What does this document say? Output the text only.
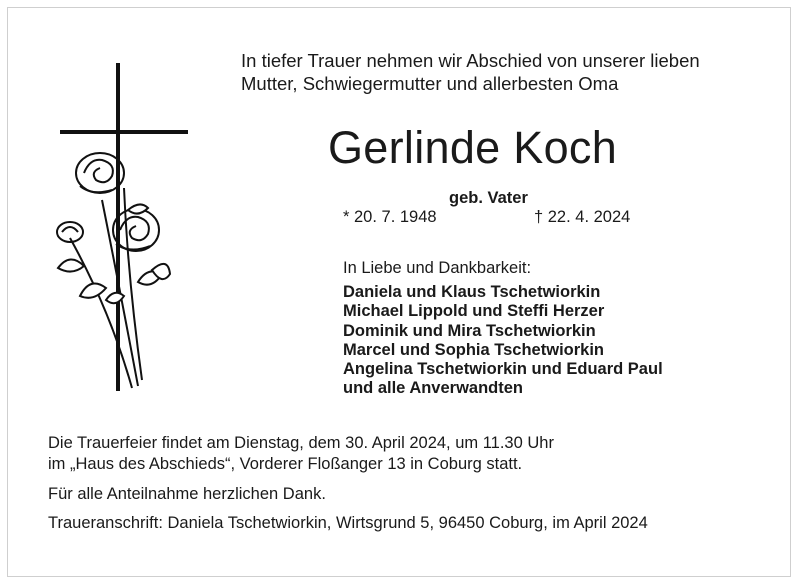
In tiefer Trauer nehmen wir Abschied von unserer lieben
Mutter, Schwiegermutter und allerbesten Oma
Gerlinde Koch
geb. Vater
* 20. 7. 1948	† 22. 4. 2024
In Liebe und Dankbarkeit:
Daniela und Klaus Tschetwiorkin
Michael Lippold und Steffi Herzer
Dominik und Mira Tschetwiorkin
Marcel und Sophia Tschetwiorkin
Angelina Tschetwiorkin und Eduard Paul
und alle Anverwandten
Die Trauerfeier findet am Dienstag, dem 30. April 2024, um 11.30 Uhr
im „Haus des Abschieds“, Vorderer Floßanger 13 in Coburg statt.
Für alle Anteilnahme herzlichen Dank.
Traueranschrift: Daniela Tschetwiorkin, Wirtsgrund 5, 96450 Coburg, im April 2024
